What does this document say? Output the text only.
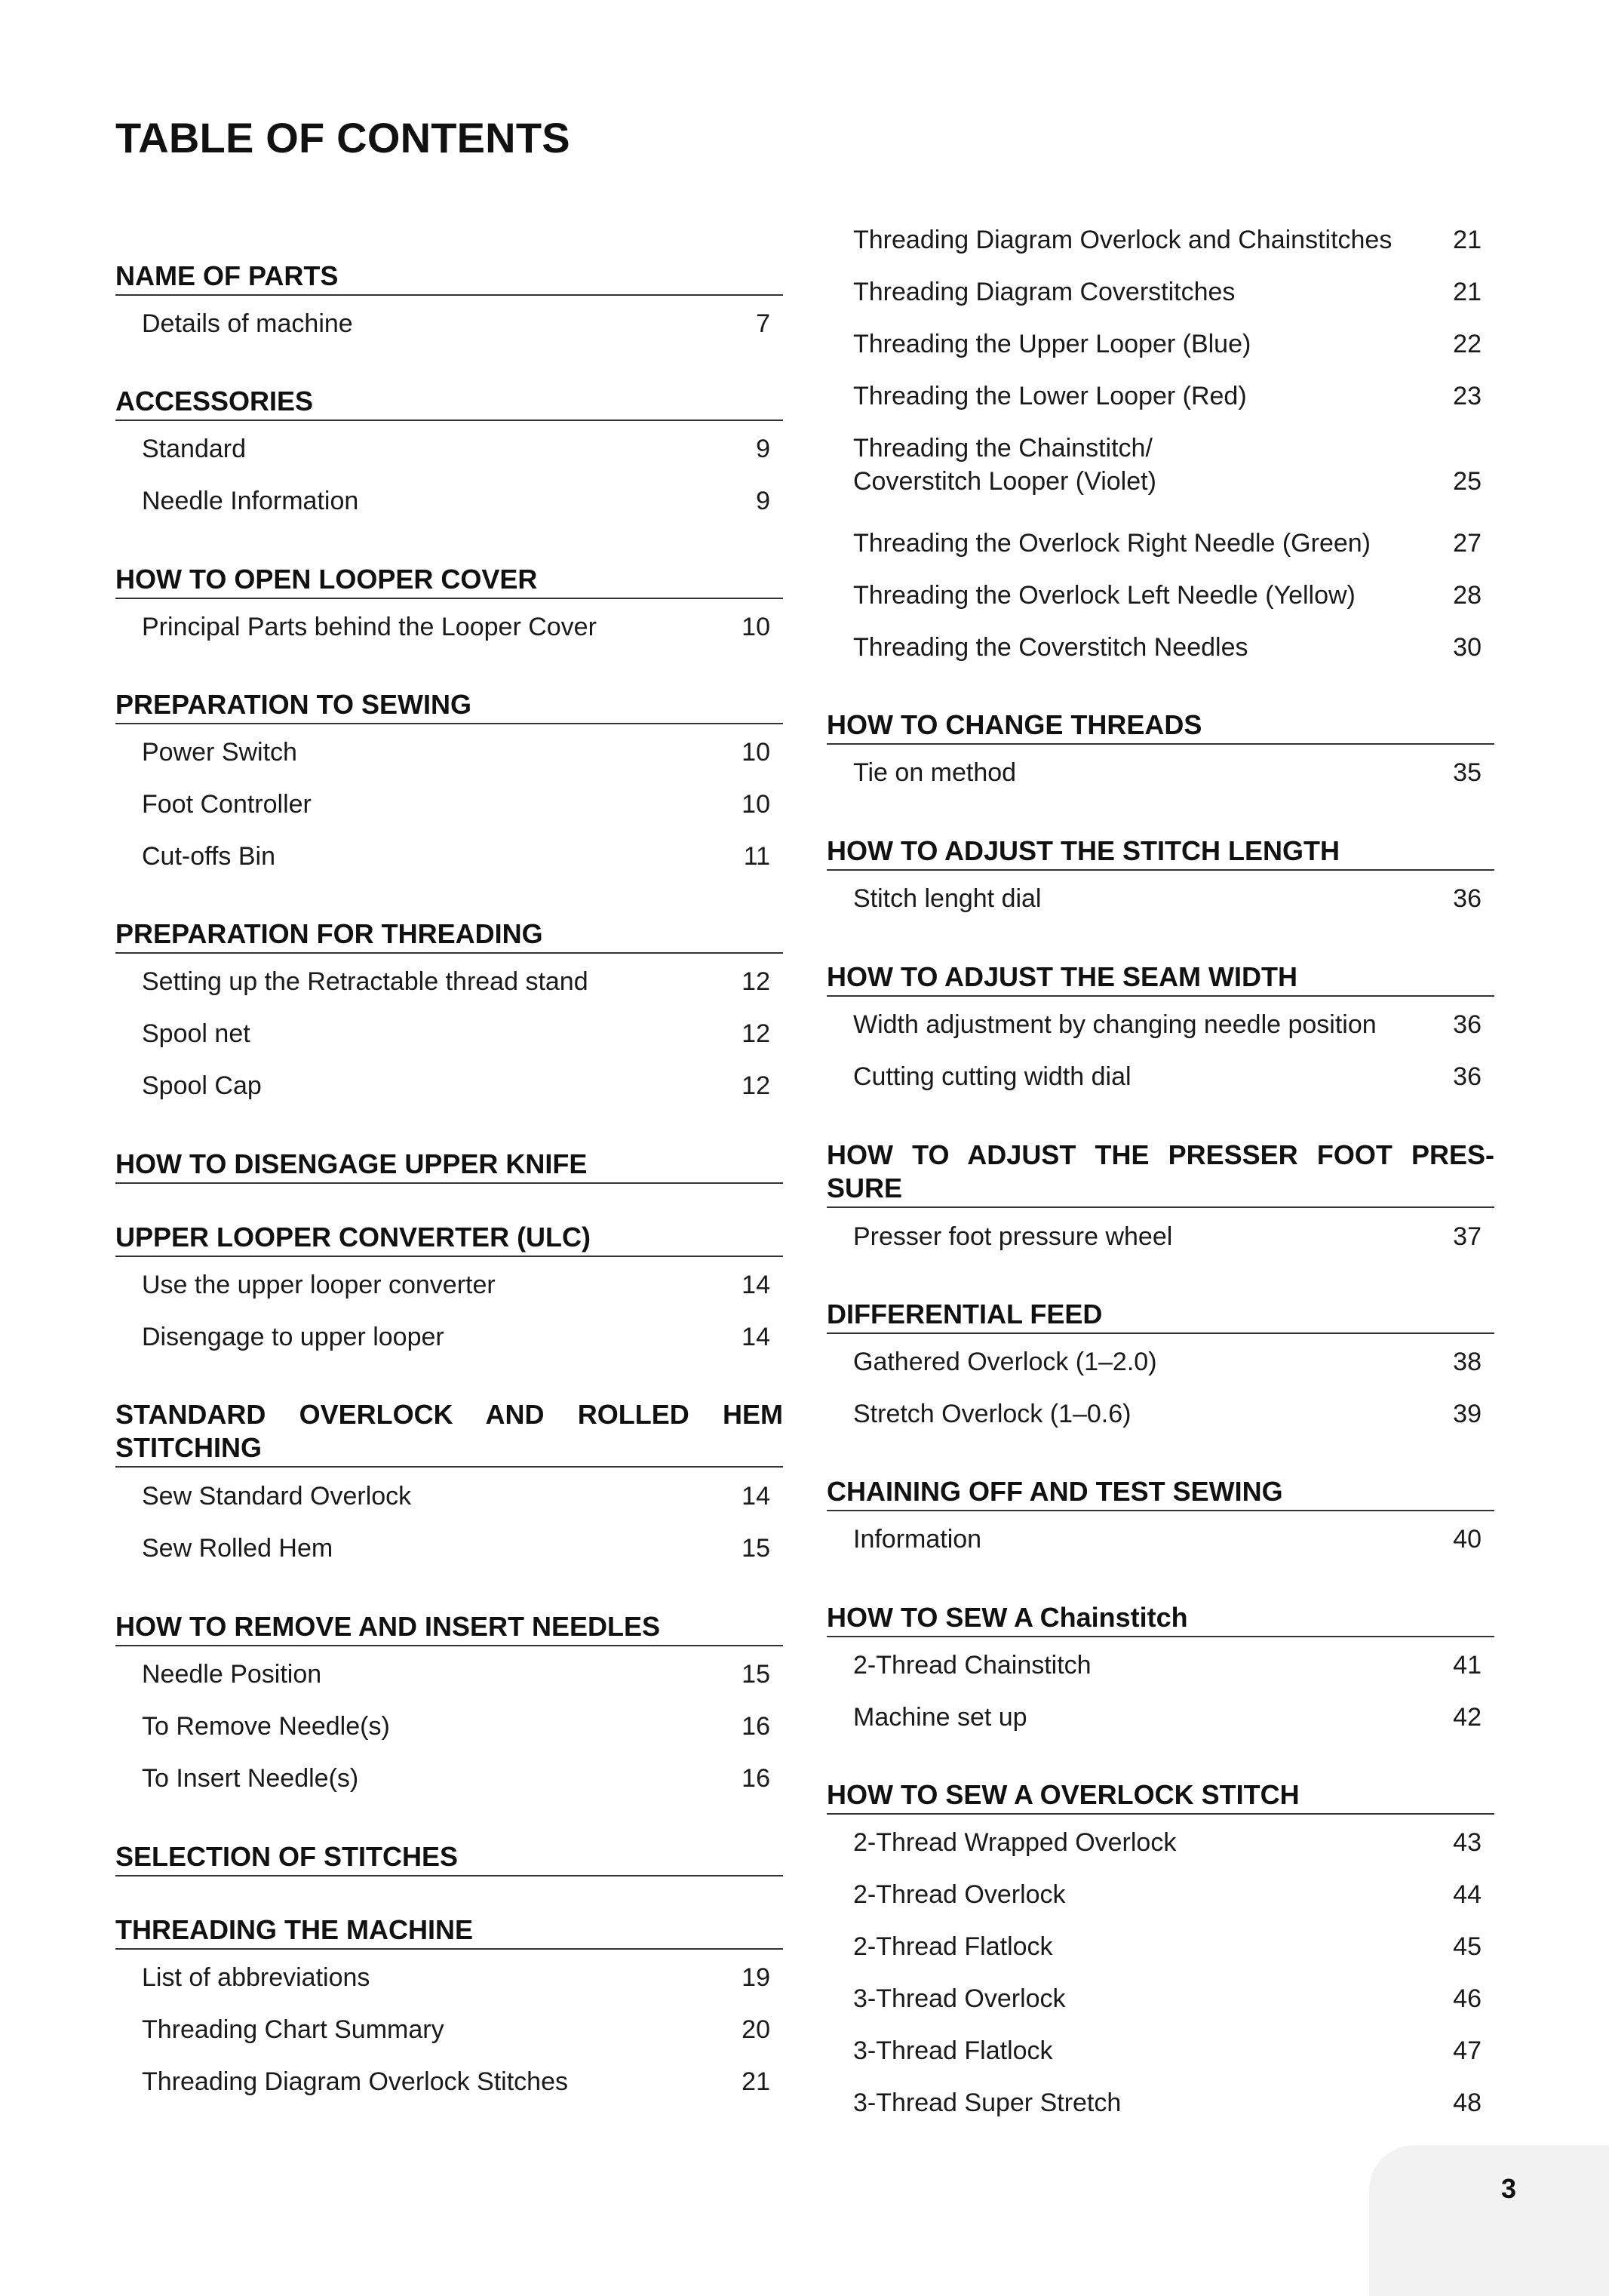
TABLE OF CONTENTS
NAME OF PARTS
Details of machine	7
ACCESSORIES
Standard	9
Needle Information	9
HOW TO OPEN LOOPER COVER
Principal Parts behind the Looper Cover	10
PREPARATION TO SEWING
Power Switch	10
Foot Controller	10
Cut-offs Bin	11
PREPARATION FOR THREADING
Setting up the Retractable thread stand	12
Spool net	12
Spool Cap	12
HOW TO DISENGAGE UPPER KNIFE
UPPER LOOPER CONVERTER (ULC)
Use the upper looper converter	14
Disengage to upper looper	14
STANDARD OVERLOCK AND ROLLED HEM STITCHING
Sew Standard Overlock	14
Sew Rolled Hem	15
HOW TO REMOVE AND INSERT NEEDLES
Needle Position	15
To Remove Needle(s)	16
To Insert Needle(s)	16
SELECTION OF STITCHES
THREADING THE MACHINE
List of abbreviations	19
Threading Chart Summary	20
Threading Diagram Overlock Stitches	21
Threading Diagram Overlock and Chainstitches 21
Threading Diagram Coverstitches	21
Threading the Upper Looper (Blue)	22
Threading the Lower Looper (Red)	23
Threading the Chainstitch/
Coverstitch Looper (Violet)	25
Threading the Overlock Right Needle (Green)	27
Threading the Overlock Left Needle (Yellow)	28
Threading the Coverstitch Needles	30
HOW TO CHANGE THREADS
Tie on method	35
HOW TO ADJUST THE STITCH LENGTH
Stitch lenght dial	36
HOW TO ADJUST THE SEAM WIDTH
Width adjustment by changing needle position	36
Cutting cutting width dial	36
HOW TO ADJUST THE PRESSER FOOT PRES-SURE
Presser foot pressure wheel	37
DIFFERENTIAL FEED
Gathered Overlock (1–2.0)	38
Stretch Overlock (1–0.6)	39
CHAINING OFF AND TEST SEWING
Information	40
HOW TO SEW A Chainstitch
2-Thread Chainstitch	41
Machine set up	42
HOW TO SEW A OVERLOCK STITCH
2-Thread Wrapped Overlock	43
2-Thread Overlock	44
2-Thread Flatlock	45
3-Thread Overlock	46
3-Thread Flatlock	47
3-Thread Super Stretch	48
3
